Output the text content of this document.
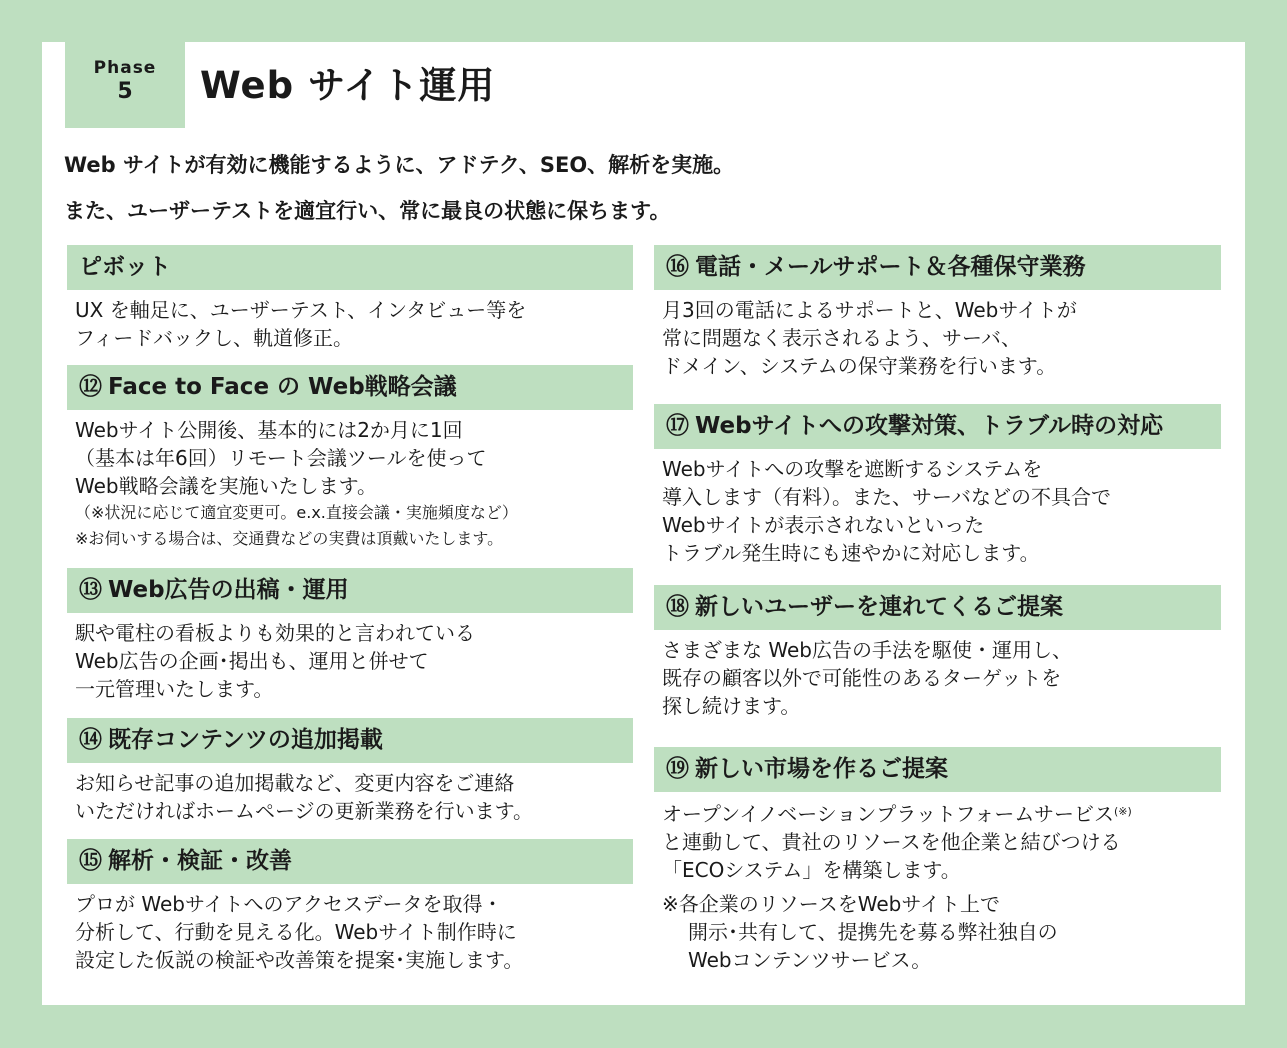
Phase
5	Web サイト運用
Web サイトが有効に機能するように、アドテク、SEO、解析を実施。
また、ユーザーテストを適宜行い、常に最良の状態に保ちます。
ピボット
UX を軸足に、ユーザーテスト、インタビュー等を
フィードバックし、軌道修正。
⑫ Face to Face の Web戦略会議
Webサイト公開後、基本的には2か月に1回
（基本は年6回）リモート会議ツールを使って
Web戦略会議を実施いたします。
（※状況に応じて適宜変更可。e.x.直接会議・実施頻度など）
※お伺いする場合は、交通費などの実費は頂戴いたします。
⑬ Web広告の出稿・運用
駅や電柱の看板よりも効果的と言われている
Web広告の企画･掲出も、運用と併せて
一元管理いたします。
⑭ 既存コンテンツの追加掲載
お知らせ記事の追加掲載など、変更内容をご連絡
いただければホームページの更新業務を行います。
⑮ 解析・検証・改善
プロが Webサイトへのアクセスデータを取得・
分析して、行動を見える化。Webサイト制作時に
設定した仮説の検証や改善策を提案･実施します。
⑯ 電話・メールサポート＆各種保守業務
月3回の電話によるサポートと、Webサイトが
常に問題なく表示されるよう、サーバ、
ドメイン、システムの保守業務を行います。
⑰ Webサイトへの攻撃対策、トラブル時の対応
Webサイトへの攻撃を遮断するシステムを
導入します（有料）。また、サーバなどの不具合で
Webサイトが表示されないといった
トラブル発生時にも速やかに対応します。
⑱ 新しいユーザーを連れてくるご提案
さまざまな Web広告の手法を駆使・運用し、
既存の顧客以外で可能性のあるターゲットを
探し続けます。
⑲ 新しい市場を作るご提案
オープンイノベーションプラットフォームサービス(※)
と連動して、貴社のリソースを他企業と結びつける
「ECOシステム」を構築します。
※各企業のリソースをWebサイト上で
開示･共有して、提携先を募る弊社独自の
Webコンテンツサービス。
